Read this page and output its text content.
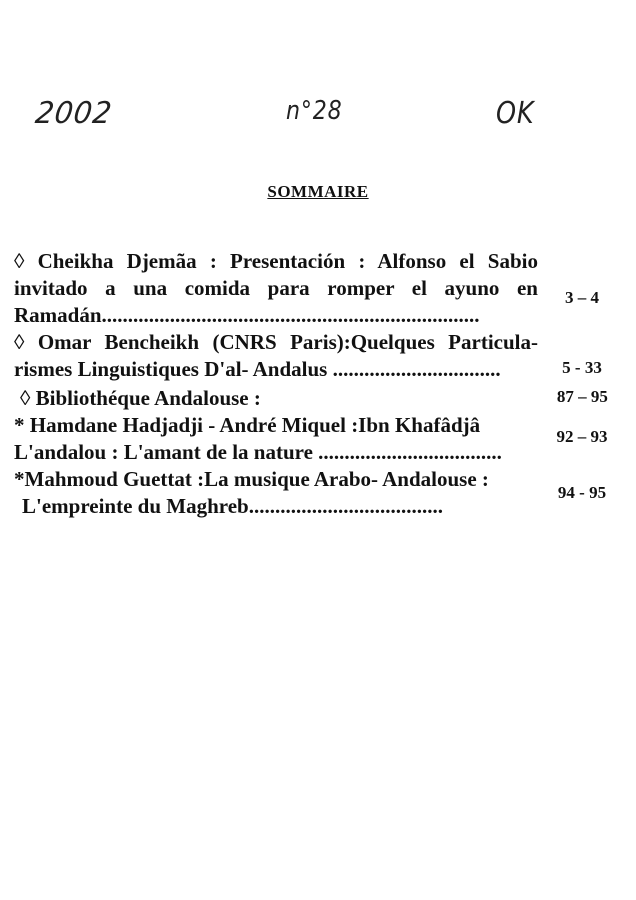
2002	n°28	OK
SOMMAIRE
◊ Cheikha Djemãa : Presentación : Alfonso el Sabio
invitado a una comida para romper el ayuno en
Ramadán........................................................................
3 – 4
◊ Omar Bencheikh (CNRS Paris):Quelques Particula-
rismes Linguistiques D'al- Andalus ................................	5 - 33
◊ Bibliothéque Andalouse :	87 – 95
* Hamdane Hadjadji - André Miquel :Ibn Khafâdjâ
L'andalou : L'amant de la nature ...................................
92 – 93
*Mahmoud Guettat :La musique Arabo- Andalouse :
L'empreinte du Maghreb.....................................
94 - 95
